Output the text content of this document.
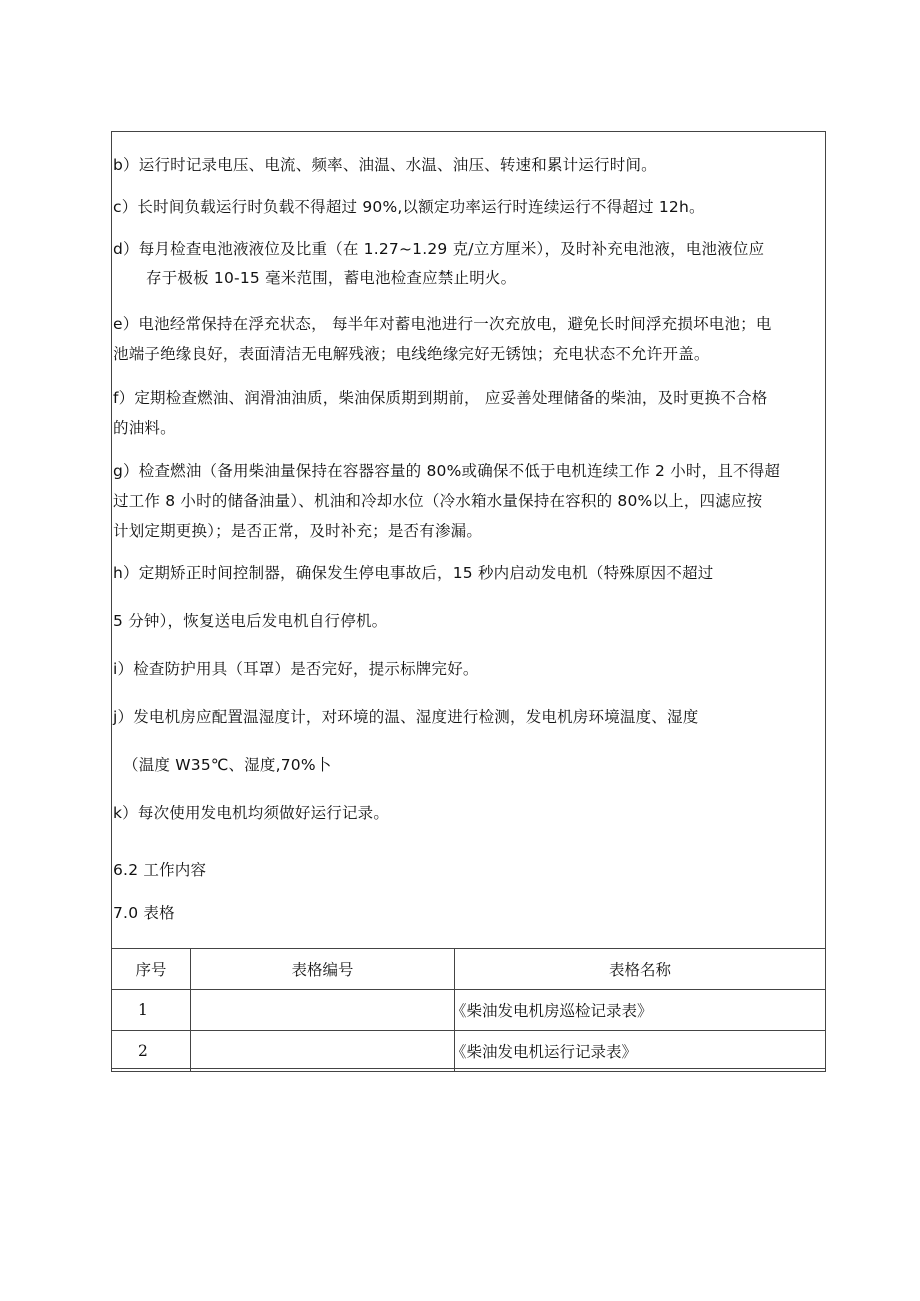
b）运行时记录电压、电流、频率、油温、水温、油压、转速和累计运行时间。
c）长时间负载运行时负载不得超过 90%,以额定功率运行时连续运行不得超过 12h。
d）每月检查电池液液位及比重（在 1.27~1.29 克/立方厘米），及时补充电池液，电池液位应
存于极板 10-15 毫米范围，蓄电池检查应禁止明火。
e）电池经常保持在浮充状态， 每半年对蓄电池进行一次充放电，避免长时间浮充损坏电池；电
池端子绝缘良好，表面清洁无电解残液；电线绝缘完好无锈蚀；充电状态不允许开盖。
f）定期检查燃油、润滑油油质，柴油保质期到期前， 应妥善处理储备的柴油，及时更换不合格
的油料。
g）检查燃油（备用柴油量保持在容器容量的 80%或确保不低于电机连续工作 2 小时，且不得超
过工作 8 小时的储备油量）、机油和冷却水位（冷水箱水量保持在容积的 80%以上，四滤应按
计划定期更换）；是否正常，及时补充；是否有渗漏。
h）定期矫正时间控制器，确保发生停电事故后，15 秒内启动发电机（特殊原因不超过
5 分钟），恢复送电后发电机自行停机。
i）检查防护用具（耳罩）是否完好，提示标牌完好。
j）发电机房应配置温湿度计，对环境的温、湿度进行检测，发电机房环境温度、湿度
（温度 W35℃、湿度,70%卜
k）每次使用发电机均须做好运行记录。
6.2 工作内容
7.0 表格
序号	表格编号	表格名称
1		《柴油发电机房巡检记录表》
2		《柴油发电机运行记录表》
